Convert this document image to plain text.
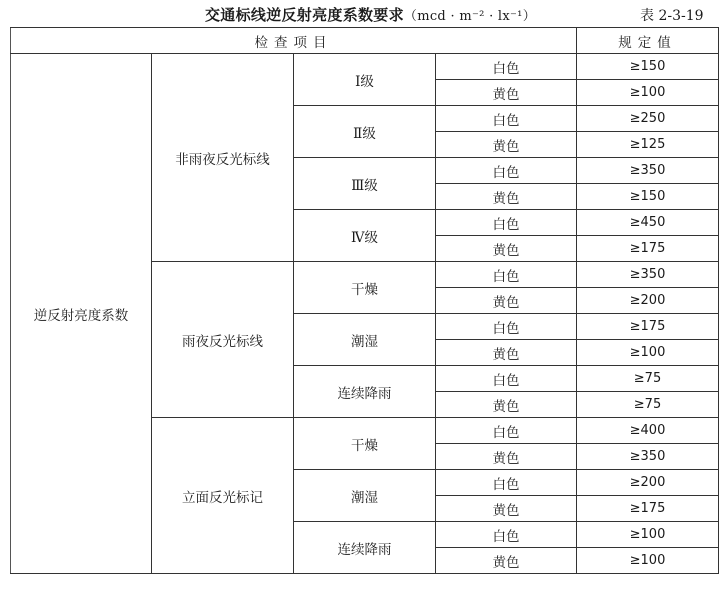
交通标线逆反射亮度系数要求（mcd · m⁻² · lx⁻¹）	表 2-3-19
检查项目				规定值
逆反射亮度系数	非雨夜反光标线	Ⅰ级	白色	≥150
			黄色	≥100
		Ⅱ级	白色	≥250
			黄色	≥125
		Ⅲ级	白色	≥350
			黄色	≥150
		Ⅳ级	白色	≥450
			黄色	≥175
	雨夜反光标线	干燥	白色	≥350
			黄色	≥200
		潮湿	白色	≥175
			黄色	≥100
		连续降雨	白色	≥75
			黄色	≥75
	立面反光标记	干燥	白色	≥400
			黄色	≥350
		潮湿	白色	≥200
			黄色	≥175
		连续降雨	白色	≥100
			黄色	≥100
